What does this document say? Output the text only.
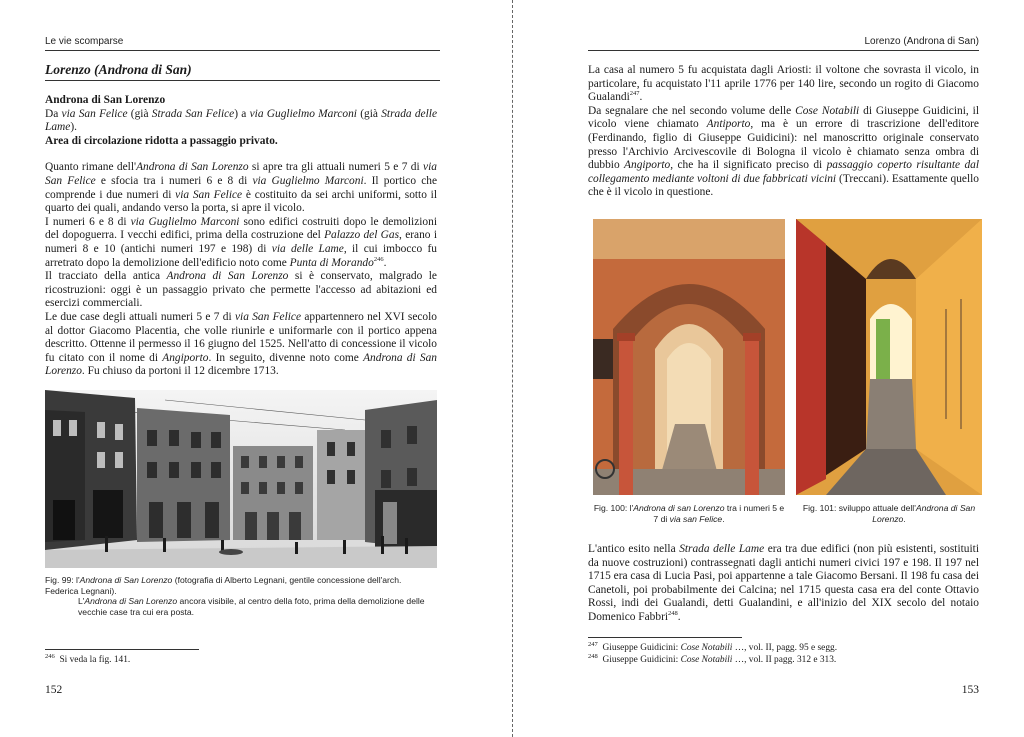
Le vie scomparse
Lorenzo (Androna di San)

Androna di San Lorenzo

Da via San Felice (già Strada San Felice) a via Guglielmo Marconi (già Strada delle Lame).

Area di circolazione ridotta a passaggio privato.

Quanto rimane dell'Androna di San Lorenzo si apre tra gli attuali numeri 5 e 7 di via San Felice e sfocia tra i numeri 6 e 8 di via Guglielmo Marconi. Il portico che comprende i due numeri di via San Felice è costituito da sei archi uniformi, sotto il quarto dei quali, andando verso la porta, si apre il vicolo.

I numeri 6 e 8 di via Guglielmo Marconi sono edifici costruiti dopo le demolizioni del dopoguerra. I vecchi edifici, prima della costruzione del Palazzo del Gas, erano i numeri 8 e 10 (antichi numeri 197 e 198) di via delle Lame, il cui imbocco fu arretrato dopo la demolizione dell'edificio noto come Punta di Morando$^{246}$.

Il tracciato della antica Androna di San Lorenzo si è conservato, malgrado le ricostruzioni: oggi è un passaggio privato che permette l'accesso ad abitazioni ed esercizi commerciali.

Le due case degli attuali numeri 5 e 7 di via San Felice appartennero nel XVI secolo al dottor Giacomo Placentia, che volle riunirle e uniformarle con il portico appena descritto. Ottenne il permesso il 16 giugno del 1525. Nell'atto di concessione il vicolo fu citato con il nome di Angiporto. In seguito, divenne noto come Androna di San Lorenzo. Fu chiuso da portoni il 12 dicembre 1713.

Fig. 99: l'Androna di San Lorenzo (fotografia di Alberto Legnani, gentile concessione dell'arch. Federica Legnani).
L'Androna di San Lorenzo ancora visibile, al centro della foto, prima della demolizione delle vecchie case tra cui era posta.

$^{246}$ Si veda la fig. 141.

152
Lorenzo (Androna di San)

La casa al numero 5 fu acquistata dagli Ariosti: il voltone che sovrasta il vicolo, in particolare, fu acquistato l'11 aprile 1776 per 140 lire, secondo un rogito di Giacomo Gualandi$^{247}$.

Da segnalare che nel secondo volume delle Cose Notabili di Giuseppe Guidicini, il vicolo viene chiamato Antiporto, ma è un errore di trascrizione dell'editore (Ferdinando, figlio di Giuseppe Guidicini): nel manoscritto originale conservato presso l'Archivio Arcivescovile di Bologna il vicolo è chiamato senza ombra di dubbio Angiporto, che ha il significato preciso di passaggio coperto risultante dal collegamento mediante voltoni di due fabbricati vicini (Treccani). Esattamente quello che è il vicolo in questione.

Fig. 100: l'Androna di san Lorenzo tra i numeri 5 e 7 di via san Felice.
Fig. 101: sviluppo attuale dell'Androna di San Lorenzo.

L'antico esito nella Strada delle Lame era tra due edifici (non più esistenti, sostituiti da nuove costruzioni) contrassegnati dagli antichi numeri civici 197 e 198. Il 197 nel 1715 era casa di Lucia Pasi, poi appartenne a tale Giacomo Bersani. Il 198 fu casa dei Canetoli, poi probabilmente dei Calcina; nel 1715 questa casa era del conte Ottavio Rossi, indi dei Gualandi, detti Gualandini, e all'inizio del XIX secolo del notaio Domenico Fabbri$^{248}$.

$^{247}$ Giuseppe Guidicini: Cose Notabili …, vol. II, pagg. 95 e segg.

$^{248}$ Giuseppe Guidicini: Cose Notabili …, vol. II pagg. 312 e 313.

153
